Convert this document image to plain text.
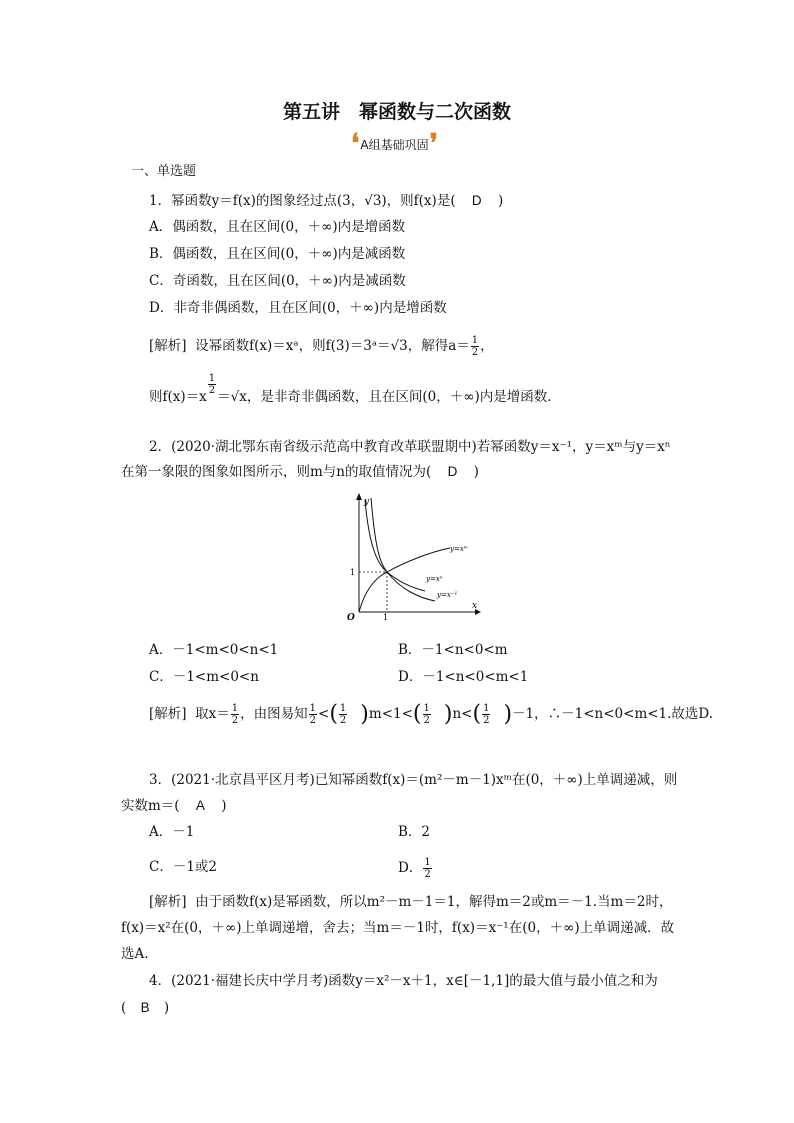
第五讲　幂函数与二次函数
❛ A组基础巩固 ❜
一、单选题
1．幂函数y＝f(x)的图象经过点(3，√3)，则f(x)是( D )
A．偶函数，且在区间(0，＋∞)内是增函数
B．偶函数，且在区间(0，＋∞)内是减函数
C．奇函数，且在区间(0，＋∞)内是减函数
D．非奇非偶函数，且在区间(0，＋∞)内是增函数
[解析] 设幂函数f(x)＝xᵃ，则f(3)＝3ᵃ＝√3，解得$a= \frac{1}{2}$ ，
则f(x)＝x
$\frac{1}{2}$
＝√x，是非奇非偶函数，且在区间(0，＋∞)内是增函数．
2．(2020·湖北鄂东南省级示范高中教育改革联盟期中)若幂函数y＝x⁻¹，y＝xᵐ与y＝xⁿ
在第一象限的图象如图所示，则m与n的取值情况为( D )
y
x
O	1
1
y=xᵐ
y=xⁿ
y=x⁻¹
A．－1<m<0<n<1	B．－1<n<0<m
C．－1<m<0<n	D．－1<n<0<m<1
[解析] 取$x= \frac{1}{2}$ ，由图易知 $\frac{1}{2}$ <( $\frac{1}{2} )m<1<( \frac{1}{2} )n<( \frac{1}{2} )-1$，∴－1<n<0<m<1.故选D.
3．(2021·北京昌平区月考)已知幂函数f(x)＝(m²－m－1)xᵐ在(0，＋∞)上单调递减，则
实数m＝( A )
A．－1	B．2
C．－1或2	D． $\frac{1}{2}$
[解析] 由于函数f(x)是幂函数，所以m²－m－1＝1，解得m＝2或m＝－1.当m＝2时，
f(x)＝x²在(0，＋∞)上单调递增，舍去；当m＝－1时，f(x)＝x⁻¹在(0，＋∞)上单调递减．故
选A.
4．(2021·福建长庆中学月考)函数y＝x²－x＋1，x∈[－1,1]的最大值与最小值之和为
( B )
